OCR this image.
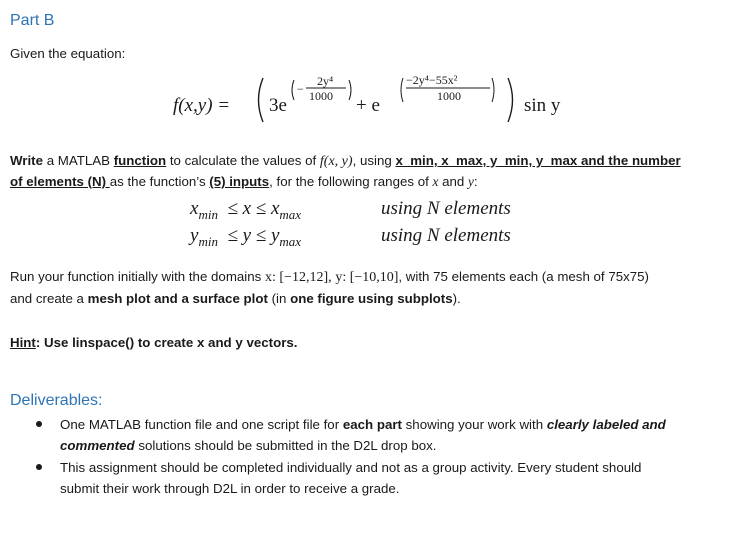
Part B
Given the equation:
f(x,y) = 3e
−
2y⁴
1000 + e
−2y⁴−55x²
1000	sin y
Write a MATLAB function to calculate the values of f(x, y), using x_min, x_max, y_min, y_max and the number
of elements (N) as the function’s (5) inputs, for the following ranges of x and y:
$x_{min} \le x \le x_{max}$	using N elements
$y_{min} \le y \le y_{max}$	using N elements
Run your function initially with the domains x: [−12,12], y: [−10,10], with 75 elements each (a mesh of 75x75)
and create a mesh plot and a surface plot (in one figure using subplots).
Hint: Use linspace() to create x and y vectors.
Deliverables:
One MATLAB function file and one script file for each part showing your work with clearly labeled and
commented solutions should be submitted in the D2L drop box.
This assignment should be completed individually and not as a group activity. Every student should
submit their work through D2L in order to receive a grade.
